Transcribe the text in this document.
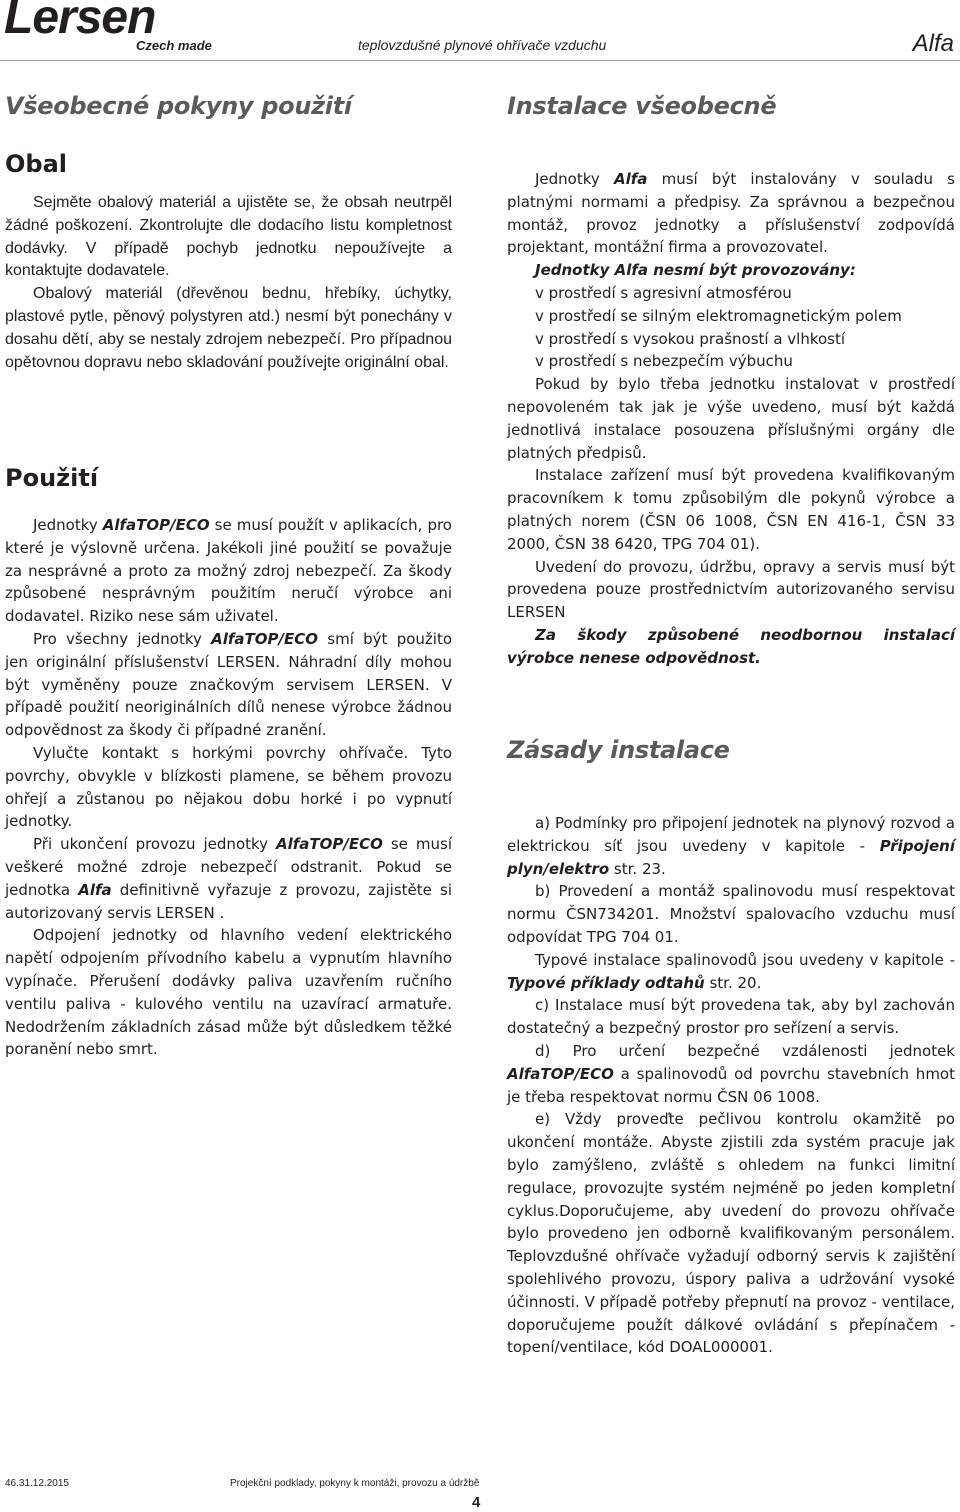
Lersen
Czech made	teplovzdušné plynové ohřívače vzduchu	Alfa
Všeobecné pokyny použití
Obal

Sejměte obalový materiál a ujistěte se, že obsah neutrpěl žádné poškození. Zkontrolujte dle dodacího listu kompletnost dodávky. V případě pochyb jednotku nepoužívejte a kontaktujte dodavatele.

Obalový materiál (dřevěnou bednu, hřebíky, úchytky, plastové pytle, pěnový polystyren atd.) nesmí být ponechány v dosahu dětí, aby se nestaly zdrojem nebezpečí. Pro případnou opětovnou dopravu nebo skladování používejte originální obal.

Použití

Jednotky AlfaTOP/ECO se musí použít v aplikacích, pro které je výslovně určena. Jakékoli jiné použití se považuje za nesprávné a proto za možný zdroj nebezpečí. Za škody způsobené nesprávným použitím neručí výrobce ani dodavatel. Riziko nese sám uživatel.

Pro všechny jednotky AlfaTOP/ECO smí být použito jen originální příslušenství LERSEN. Náhradní díly mohou být vyměněny pouze značkovým servisem LERSEN. V případě použití neoriginálních dílů nenese výrobce žádnou odpovědnost za škody či případné zranění.

Vylučte kontakt s horkými povrchy ohřívače. Tyto povrchy, obvykle v blízkosti plamene, se během provozu ohřejí a zůstanou po nějakou dobu horké i po vypnutí jednotky.

Při ukončení provozu jednotky AlfaTOP/ECO se musí veškeré možné zdroje nebezpečí odstranit. Pokud se jednotka Alfa definitivně vyřazuje z provozu, zajistěte si autorizovaný servis LERSEN .

Odpojení jednotky od hlavního vedení elektrického napětí odpojením přívodního kabelu a vypnutím hlavního vypínače. Přerušení dodávky paliva uzavřením ručního ventilu paliva - kulového ventilu na uzavírací armatuře. Nedodržením základních zásad může být důsledkem těžké poranění nebo smrt.

Instalace všeobecně

Jednotky Alfa musí být instalovány v souladu s platnými normami a předpisy. Za správnou a bezpečnou montáž, provoz jednotky a příslušenství zodpovídá projektant, montážní firma a provozovatel.

Jednotky Alfa nesmí být provozovány:

v prostředí s agresivní atmosférou
v prostředí se silným elektromagnetickým polem
v prostředí s vysokou prašností a vlhkostí
v prostředí s nebezpečím výbuchu

Pokud by bylo třeba jednotku instalovat v prostředí nepovoleném tak jak je výše uvedeno, musí být každá jednotlivá instalace posouzena příslušnými orgány dle platných předpisů.

Instalace zařízení musí být provedena kvalifikovaným pracovníkem k tomu způsobilým dle pokynů výrobce a platných norem (ČSN 06 1008, ČSN EN 416-1, ČSN 33 2000, ČSN 38 6420, TPG 704 01).

Uvedení do provozu, údržbu, opravy a servis musí být provedena pouze prostřednictvím autorizovaného servisu LERSEN

Za škody způsobené neodbornou instalací výrobce nenese odpovědnost.

Zásady instalace

a) Podmínky pro připojení jednotek na plynový rozvod a elektrickou síť jsou uvedeny v kapitole - Připojení plyn/elektro str. 23.

b) Provedení a montáž spalinovodu musí respektovat normu ČSN734201. Množství spalovacího vzduchu musí odpovídat TPG 704 01.

Typové instalace spalinovodů jsou uvedeny v kapitole - Typové příklady odtahů str. 20.

c) Instalace musí být provedena tak, aby byl zachován dostatečný a bezpečný prostor pro seřízení a servis.

d) Pro určení bezpečné vzdálenosti jednotek AlfaTOP/ECO a spalinovodů od povrchu stavebních hmot je třeba respektovat normu ČSN 06 1008.

e) Vždy proveďte pečlivou kontrolu okamžitě po ukončení montáže. Abyste zjistili zda systém pracuje jak bylo zamýšleno, zvláště s ohledem na funkci limitní regulace, provozujte systém nejméně po jeden kompletní cyklus.Doporučujeme, aby uvedení do provozu ohřívače bylo provedeno jen odborně kvalifikovaným personálem. Teplovzdušné ohřívače vyžadují odborný servis k zajištění spolehlivého provozu, úspory paliva a udržování vysoké účinnosti. V případě potřeby přepnutí na provoz - ventilace, doporučujeme použít dálkové ovládání s přepínačem - topení/ventilace, kód DOAL000001.

46.31.12.2015	Projekční podklady, pokyny k montáži, provozu a údržbě
4
